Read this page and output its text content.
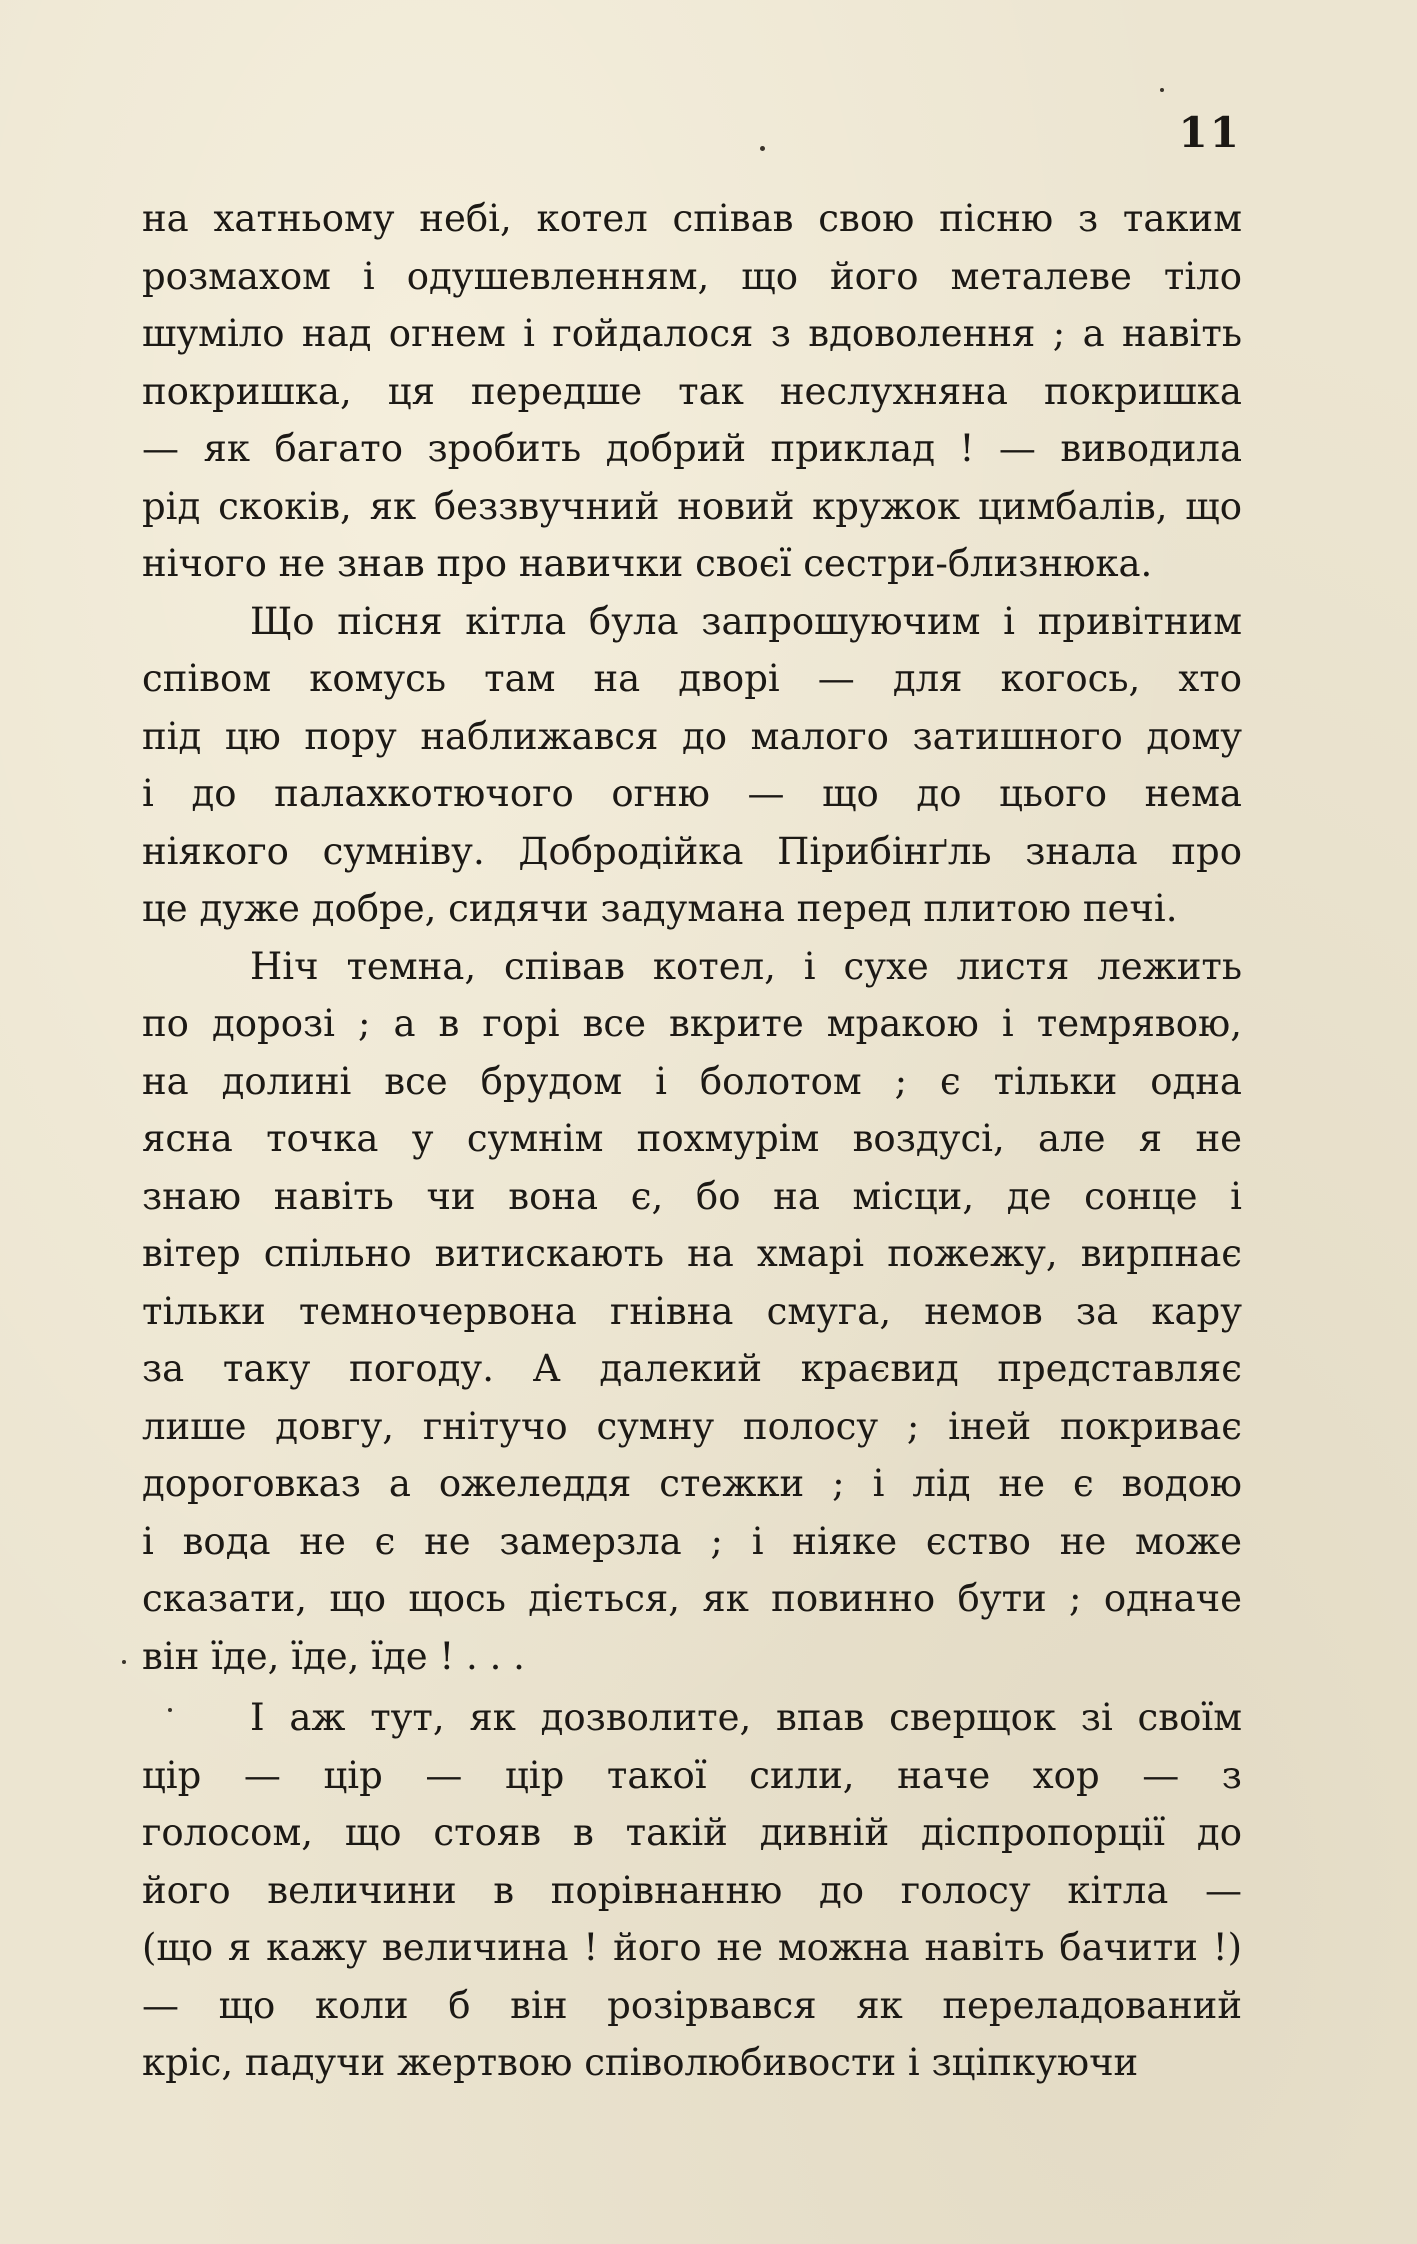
11
на хатньому небі, котел співав свою пісню з таким
розмахом і одушевленням, що його металеве тіло
шуміло над огнем і гойдалося з вдоволення ; а навіть
покришка, ця передше так неслухняна покришка
— як багато зробить добрий приклад ! — виводила
рід скоків, як беззвучний новий кружок цимбалів, що
нічого не знав про навички своєї сестри-близнюка.
Що пісня кітла була запрошуючим і привітним
співом комусь там на дворі — для когось, хто
під цю пору наближався до малого затишного дому
і до палахкотючого огню — що до цього нема
ніякого сумніву. Добродійка Пірибінґль знала про
це дуже добре, сидячи задумана перед плитою печі.
Ніч темна, співав котел, і сухе листя лежить
по дорозі ; а в горі все вкрите мракою і темрявою,
на долині все брудом і болотом ; є тільки одна
ясна точка у сумнім похмурім воздусі, але я не
знаю навіть чи вона є, бо на місци, де сонце і
вітер спільно витискають на хмарі пожежу, вирпнає
тільки темночервона гнівна смуга, немов за кару
за таку погоду. А далекий краєвид представляє
лише довгу, гнітучо сумну полосу ; іней покриває
дороговказ а ожеледдя стежки ; і лід не є водою
і вода не є не замерзла ; і ніяке єство не може
сказати, що щось діється, як повинно бути ; одначе
він їде, їде, їде ! . . .
І аж тут, як дозволите, впав сверщок зі своїм
цір — цір — цір такої сили, наче хор — з
голосом, що стояв в такій дивній діспропорції до
його величини в порівнанню до голосу кітла —
(що я кажу величина ! його не можна навіть бачити !)
— що коли б він розірвався як переладований
кріс, падучи жертвою співолюбивости і зціпкуючи
